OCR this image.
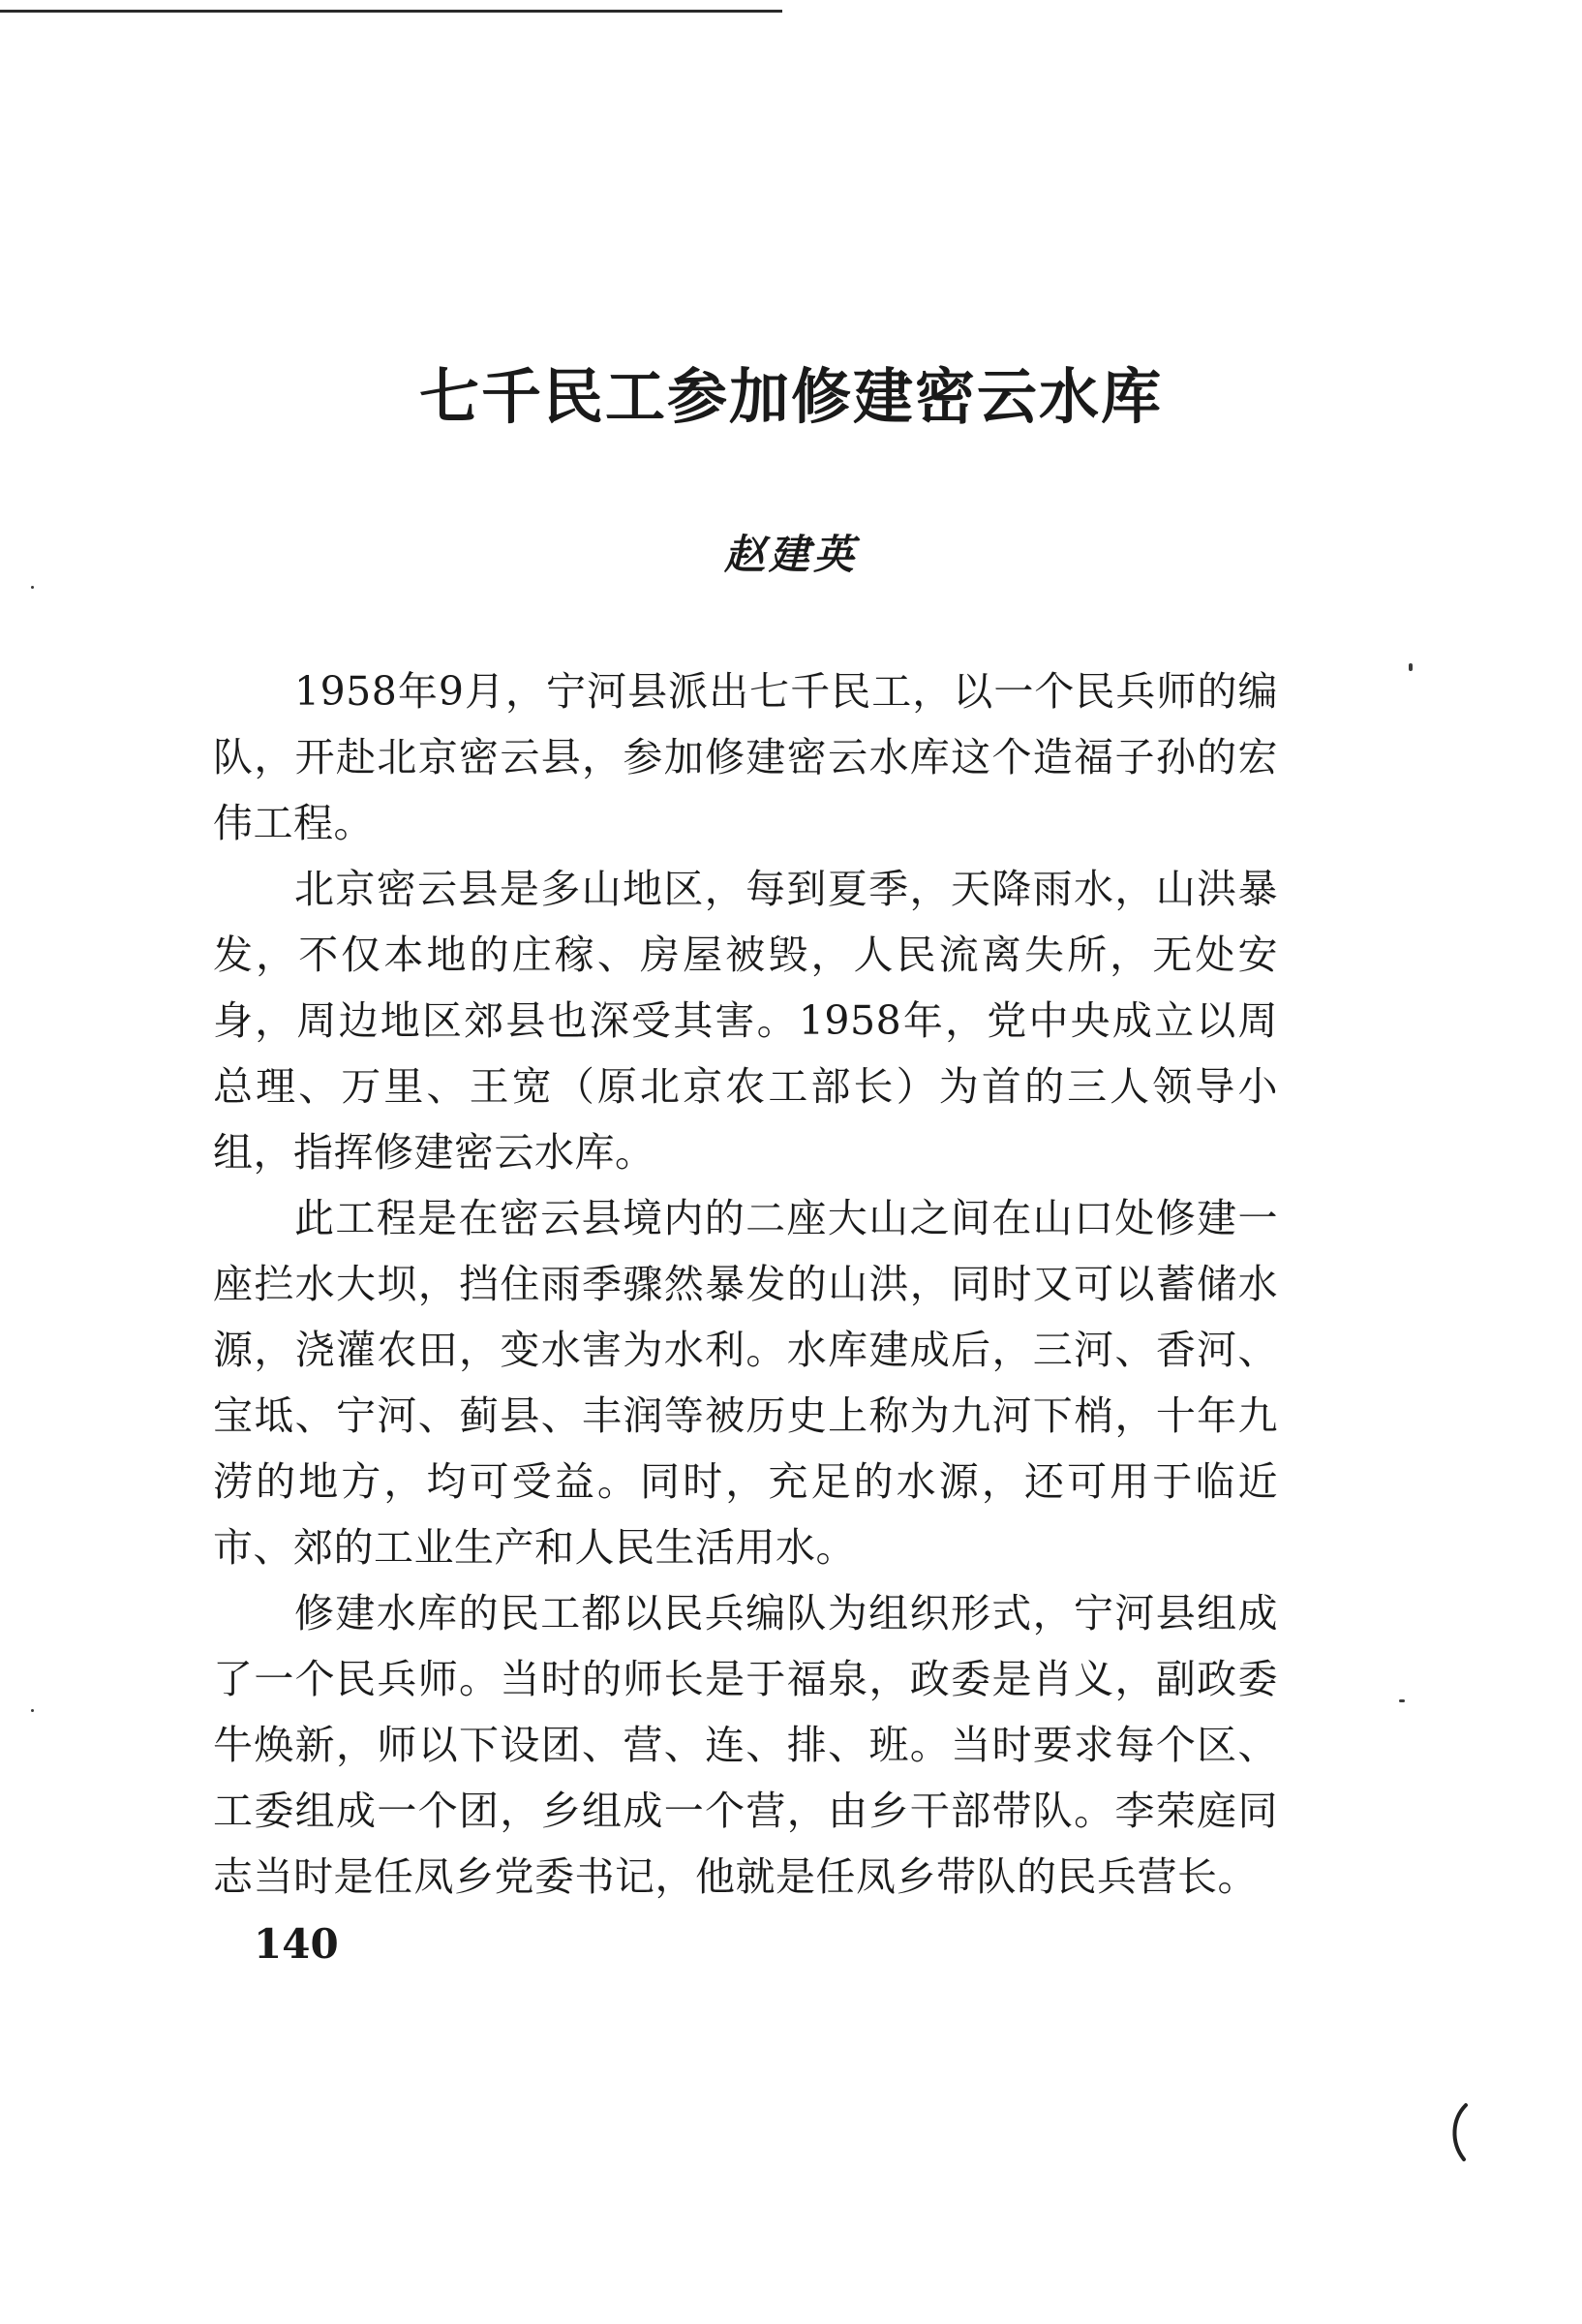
七千民工参加修建密云水库
赵建英

1958年9月，宁河县派出七千民工，以一个民兵师的编队，开赴北京密云县，参加修建密云水库这个造福子孙的宏伟工程。

北京密云县是多山地区，每到夏季，天降雨水，山洪暴发，不仅本地的庄稼、房屋被毁，人民流离失所，无处安身，周边地区郊县也深受其害。1958年，党中央成立以周总理、万里、王宽（原北京农工部长）为首的三人领导小组，指挥修建密云水库。

此工程是在密云县境内的二座大山之间在山口处修建一座拦水大坝，挡住雨季骤然暴发的山洪，同时又可以蓄储水源，浇灌农田，变水害为水利。水库建成后，三河、香河、宝坻、宁河、蓟县、丰润等被历史上称为九河下梢，十年九涝的地方，均可受益。同时，充足的水源，还可用于临近市、郊的工业生产和人民生活用水。

修建水库的民工都以民兵编队为组织形式，宁河县组成了一个民兵师。当时的师长是于福泉，政委是肖义，副政委牛焕新，师以下设团、营、连、排、班。当时要求每个区、工委组成一个团，乡组成一个营，由乡干部带队。李荣庭同志当时是任凤乡党委书记，他就是任凤乡带队的民兵营长。

140
